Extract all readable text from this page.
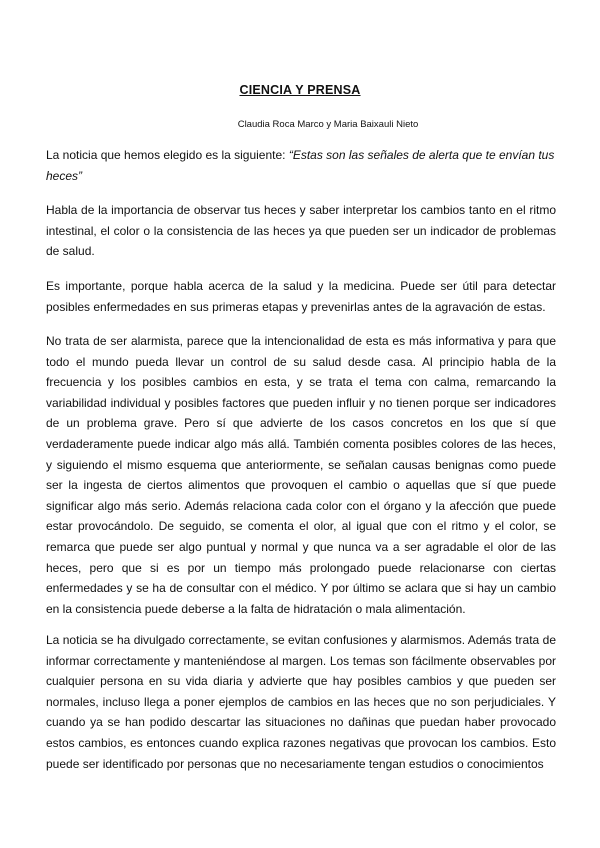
CIENCIA Y PRENSA
Claudia Roca Marco y Maria Baixauli Nieto

La noticia que hemos elegido es la siguiente: “Estas son las señales de alerta que te envían tus heces”

Habla de la importancia de observar tus heces y saber interpretar los cambios tanto en el ritmo intestinal, el color o la consistencia de las heces ya que pueden ser un indicador de problemas de salud.

Es importante, porque habla acerca de la salud y la medicina. Puede ser útil para detectar posibles enfermedades en sus primeras etapas y prevenirlas antes de la agravación de estas.

No trata de ser alarmista, parece que la intencionalidad de esta es más informativa y para que todo el mundo pueda llevar un control de su salud desde casa. Al principio habla de la frecuencia y los posibles cambios en esta, y se trata el tema con calma, remarcando la variabilidad individual y posibles factores que pueden influir y no tienen porque ser indicadores de un problema grave. Pero sí que advierte de los casos concretos en los que sí que verdaderamente puede indicar algo más allá. También comenta posibles colores de las heces, y siguiendo el mismo esquema que anteriormente, se señalan causas benignas como puede ser la ingesta de ciertos alimentos que provoquen el cambio o aquellas que sí que puede significar algo más serio. Además relaciona cada color con el órgano y la afección que puede estar provocándolo. De seguido, se comenta el olor, al igual que con el ritmo y el color, se remarca que puede ser algo puntual y normal y que nunca va a ser agradable el olor de las heces, pero que si es por un tiempo más prolongado puede relacionarse con ciertas enfermedades y se ha de consultar con el médico. Y por último se aclara que si hay un cambio en la consistencia puede deberse a la falta de hidratación o mala alimentación.

La noticia se ha divulgado correctamente, se evitan confusiones y alarmismos. Además trata de informar correctamente y manteniéndose al margen. Los temas son fácilmente observables por cualquier persona en su vida diaria y advierte que hay posibles cambios y que pueden ser normales, incluso llega a poner ejemplos de cambios en las heces que no son perjudiciales. Y cuando ya se han podido descartar las situaciones no dañinas que puedan haber provocado estos cambios, es entonces cuando explica razones negativas que provocan los cambios. Esto puede ser identificado por personas que no necesariamente tengan estudios o conocimientos
